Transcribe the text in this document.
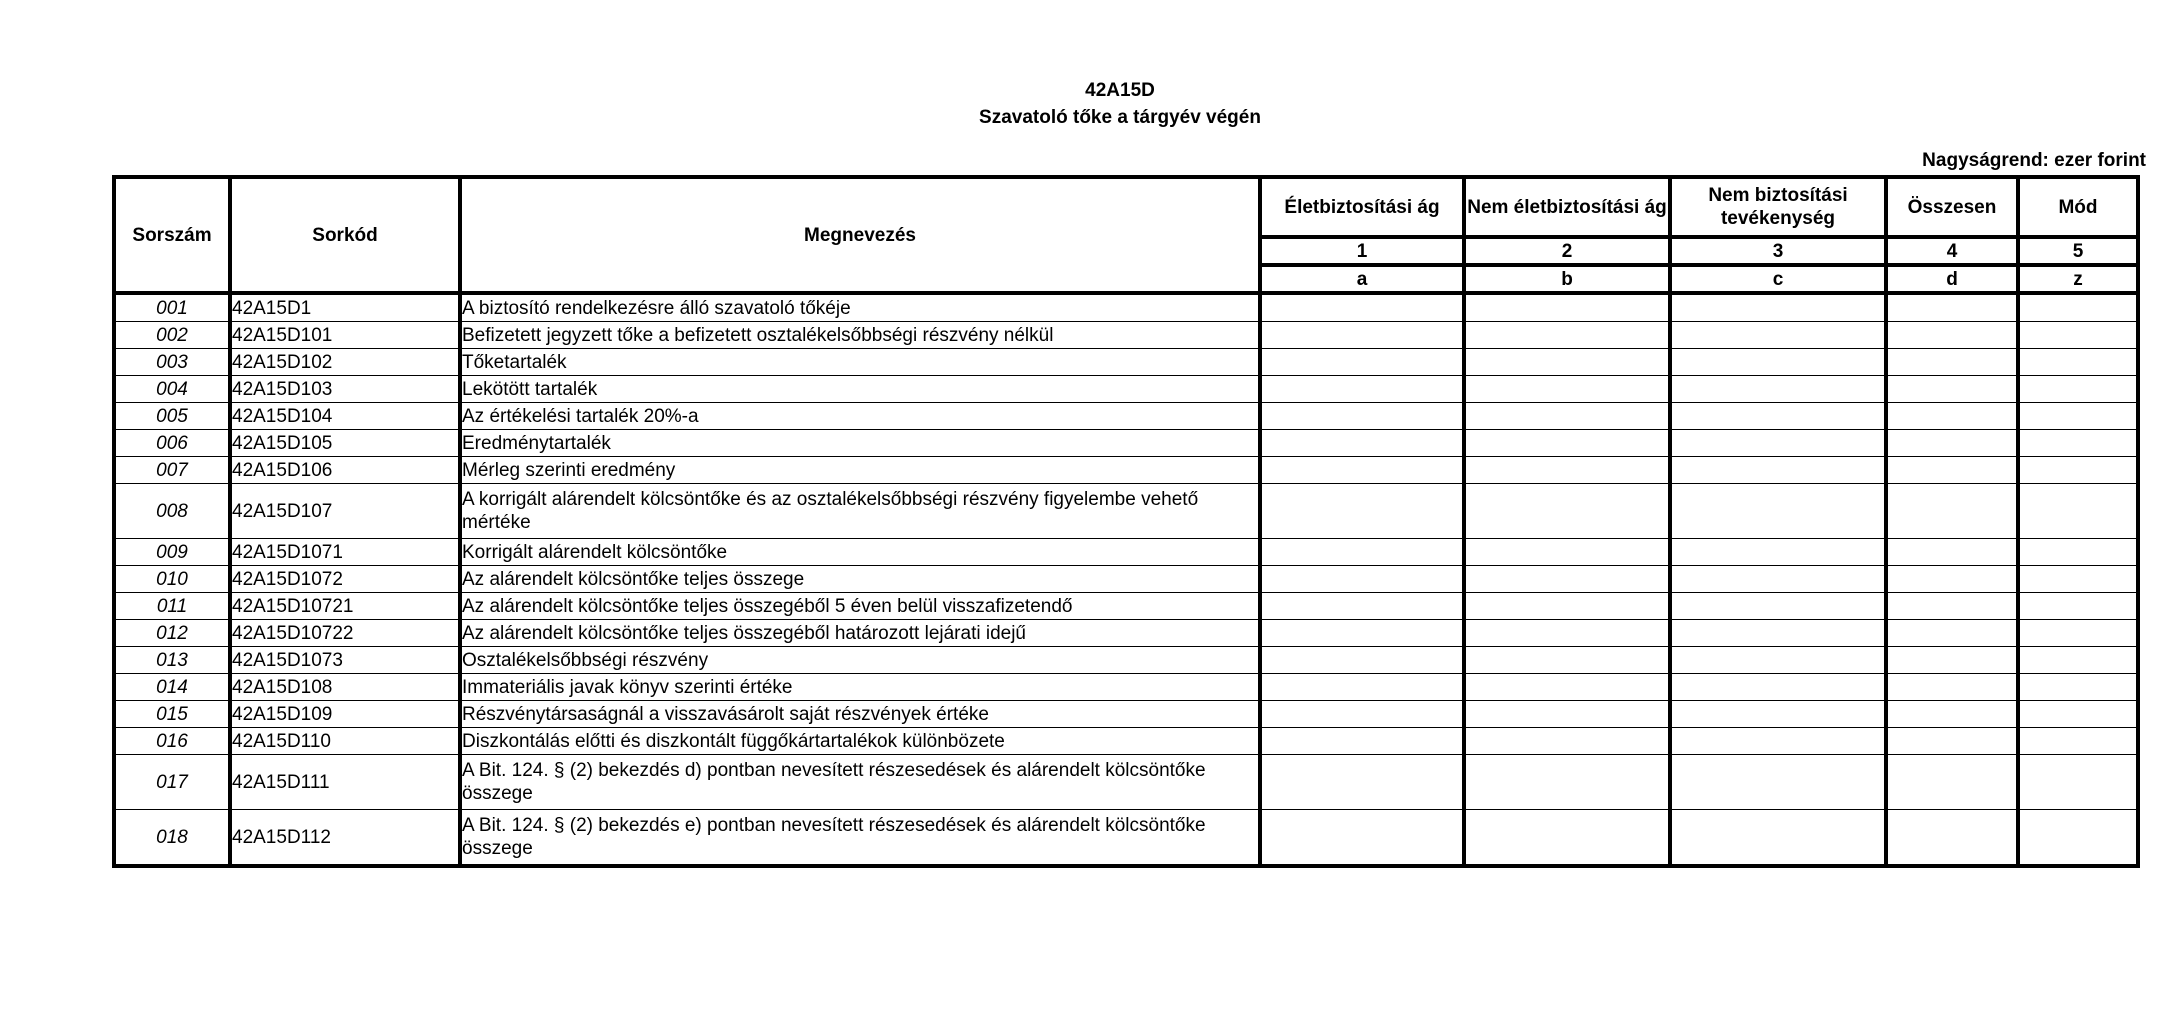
42A15D
Szavatoló tőke a tárgyév végén
Nagyságrend: ezer forint
Sorszám	Sorkód	Megnevezés	Életbiztosítási ág	Nem életbiztosítási ág	Nem biztosítási tevékenység	Összesen	Mód
			1	2	3	4	5
			a	b	c	d	z
001	42A15D1	A biztosító rendelkezésre álló szavatoló tőkéje					
002	42A15D101	Befizetett jegyzett tőke a befizetett osztalékelsőbbségi részvény nélkül					
003	42A15D102	Tőketartalék					
004	42A15D103	Lekötött tartalék					
005	42A15D104	Az értékelési tartalék 20%-a					
006	42A15D105	Eredménytartalék					
007	42A15D106	Mérleg szerinti eredmény					
008	42A15D107	A korrigált alárendelt kölcsöntőke és az osztalékelsőbbségi részvény figyelembe vehető mértéke					
009	42A15D1071	Korrigált alárendelt kölcsöntőke					
010	42A15D1072	Az alárendelt kölcsöntőke teljes összege					
011	42A15D10721	Az alárendelt kölcsöntőke teljes összegéből 5 éven belül visszafizetendő					
012	42A15D10722	Az alárendelt kölcsöntőke teljes összegéből határozott lejárati idejű					
013	42A15D1073	Osztalékelsőbbségi részvény					
014	42A15D108	Immateriális javak könyv szerinti értéke					
015	42A15D109	Részvénytársaságnál a visszavásárolt saját részvények értéke					
016	42A15D110	Diszkontálás előtti és diszkontált függőkártartalékok különbözete					
017	42A15D111	A Bit. 124. § (2) bekezdés d) pontban nevesített részesedések és alárendelt kölcsöntőke összege					
018	42A15D112	A Bit. 124. § (2) bekezdés e) pontban nevesített részesedések és alárendelt kölcsöntőke összege					
